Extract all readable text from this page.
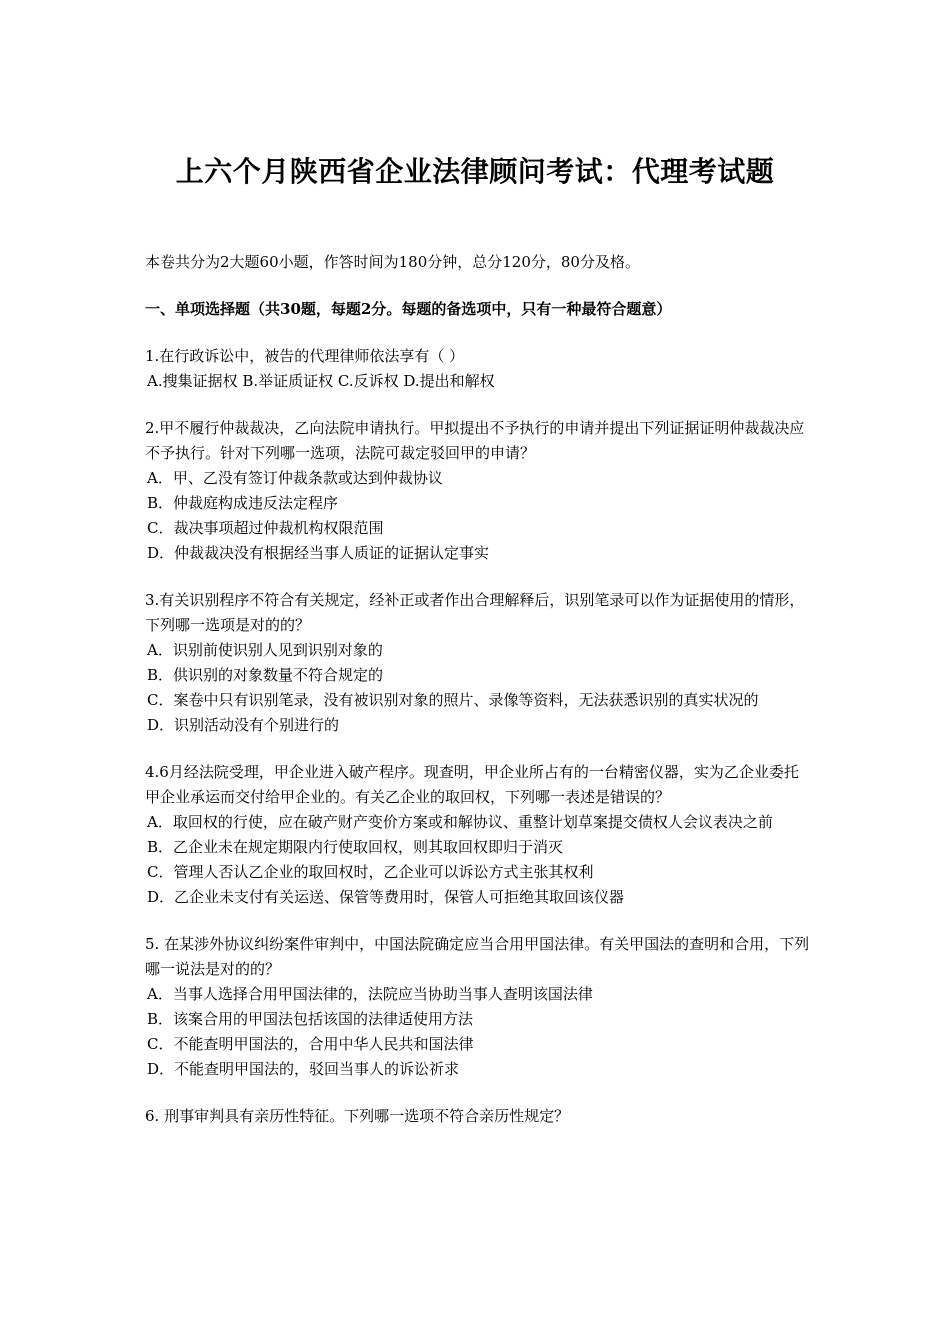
上六个月陕西省企业法律顾问考试：代理考试题

本卷共分为2大题60小题，作答时间为180分钟，总分120分，80分及格。

一、单项选择题（共30题，每题2分。每题的备选项中，只有一种最符合题意）

1.在行政诉讼中，被告的代理律师依法享有（ ）

A.搜集证据权 B.举证质证权 C.反诉权 D.提出和解权

2.甲不履行仲裁裁决，乙向法院申请执行。甲拟提出不予执行的申请并提出下列证据证明仲裁裁决应不予执行。针对下列哪一选项，法院可裁定驳回甲的申请？

A．甲、乙没有签订仲裁条款或达到仲裁协议

B．仲裁庭构成违反法定程序

C．裁决事项超过仲裁机构权限范围

D．仲裁裁决没有根据经当事人质证的证据认定事实

3.有关识别程序不符合有关规定，经补正或者作出合理解释后，识别笔录可以作为证据使用的情形，下列哪一选项是对的的？

A．识别前使识别人见到识别对象的

B．供识别的对象数量不符合规定的

C．案卷中只有识别笔录，没有被识别对象的照片、录像等资料，无法获悉识别的真实状况的

D．识别活动没有个别进行的

4.6月经法院受理，甲企业进入破产程序。现查明，甲企业所占有的一台精密仪器，实为乙企业委托甲企业承运而交付给甲企业的。有关乙企业的取回权，下列哪一表述是错误的？

A．取回权的行使，应在破产财产变价方案或和解协议、重整计划草案提交债权人会议表决之前

B．乙企业未在规定期限内行使取回权，则其取回权即归于消灭

C．管理人否认乙企业的取回权时，乙企业可以诉讼方式主张其权利

D．乙企业未支付有关运送、保管等费用时，保管人可拒绝其取回该仪器

5. 在某涉外协议纠纷案件审判中，中国法院确定应当合用甲国法律。有关甲国法的查明和合用，下列哪一说法是对的的？

A．当事人选择合用甲国法律的，法院应当协助当事人查明该国法律

B．该案合用的甲国法包括该国的法律适使用方法

C．不能查明甲国法的，合用中华人民共和国法律

D．不能查明甲国法的，驳回当事人的诉讼祈求

6. 刑事审判具有亲历性特征。下列哪一选项不符合亲历性规定？
